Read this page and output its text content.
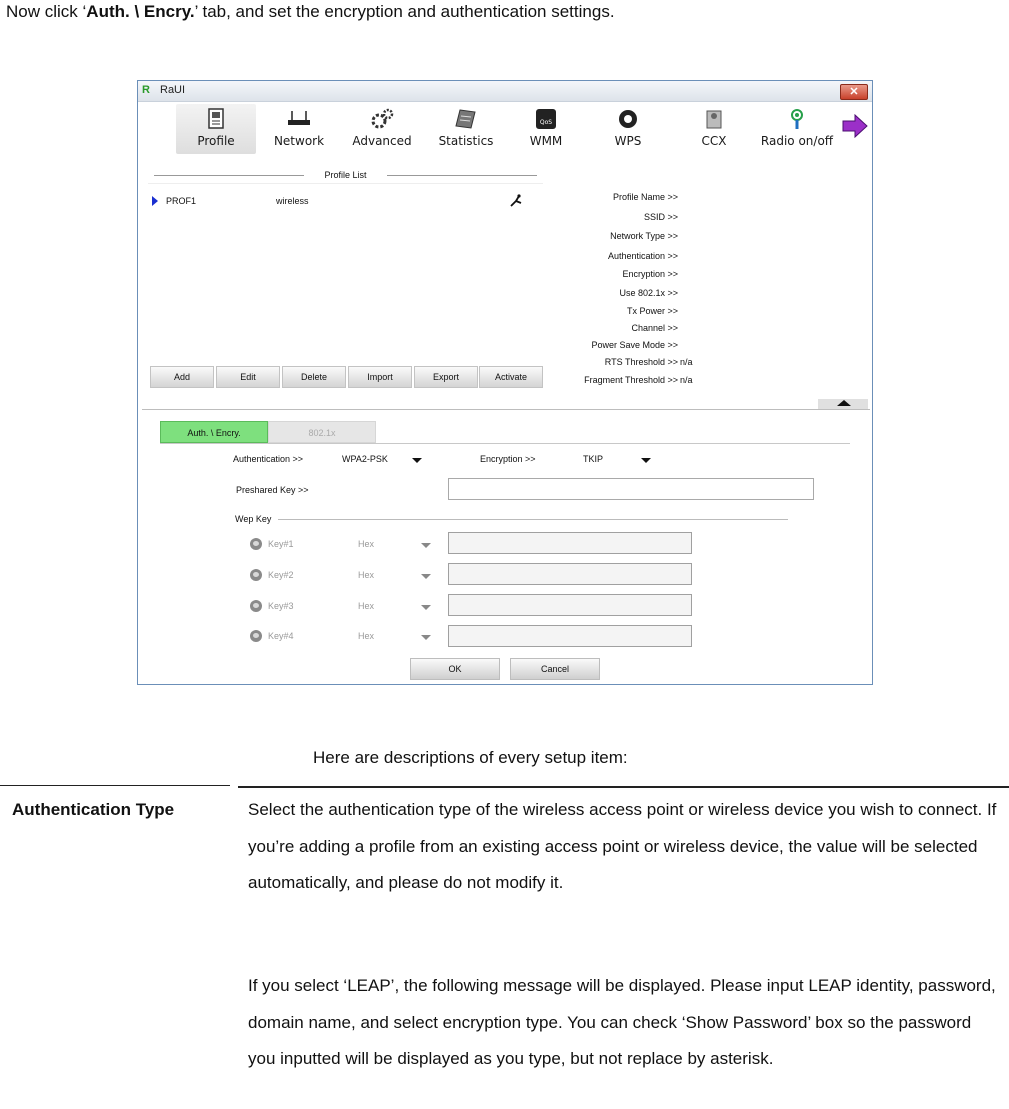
Now click ‘Auth. \ Encry.’ tab, and set the encryption and authentication settings.
R RaUI	✕
Profile	Network	Advanced	Statistics
QoS
WMM	WPS	CCX	Radio on/off
Profile List
PROF1	wireless
Add	Edit	Delete	Import	Export	Activate
Profile Name >>
SSID >>
Network Type >>
Authentication >>
Encryption >>
Use 802.1x >>
Tx Power >>
Channel >>
Power Save Mode >>
RTS Threshold >> n/a
Fragment Threshold >> n/a
Auth. \ Encry.	802.1x
Authentication >>	WPA2-PSK	Encryption >>	TKIP
Preshared Key >>
Wep Key
Key#1	Hex
Key#2	Hex
Key#3	Hex
Key#4	Hex
OK	Cancel
Here are descriptions of every setup item:
Authentication Type	Select the authentication type of the wireless access point or wireless device you wish to connect. If you’re adding a profile from an existing access point or wireless device, the value will be selected automatically, and please do not modify it.
If you select ‘LEAP’, the following message will be displayed. Please input LEAP identity, password, domain name, and select encryption type. You can check ‘Show Password’ box so the password you inputted will be displayed as you type, but not replace by asterisk.
